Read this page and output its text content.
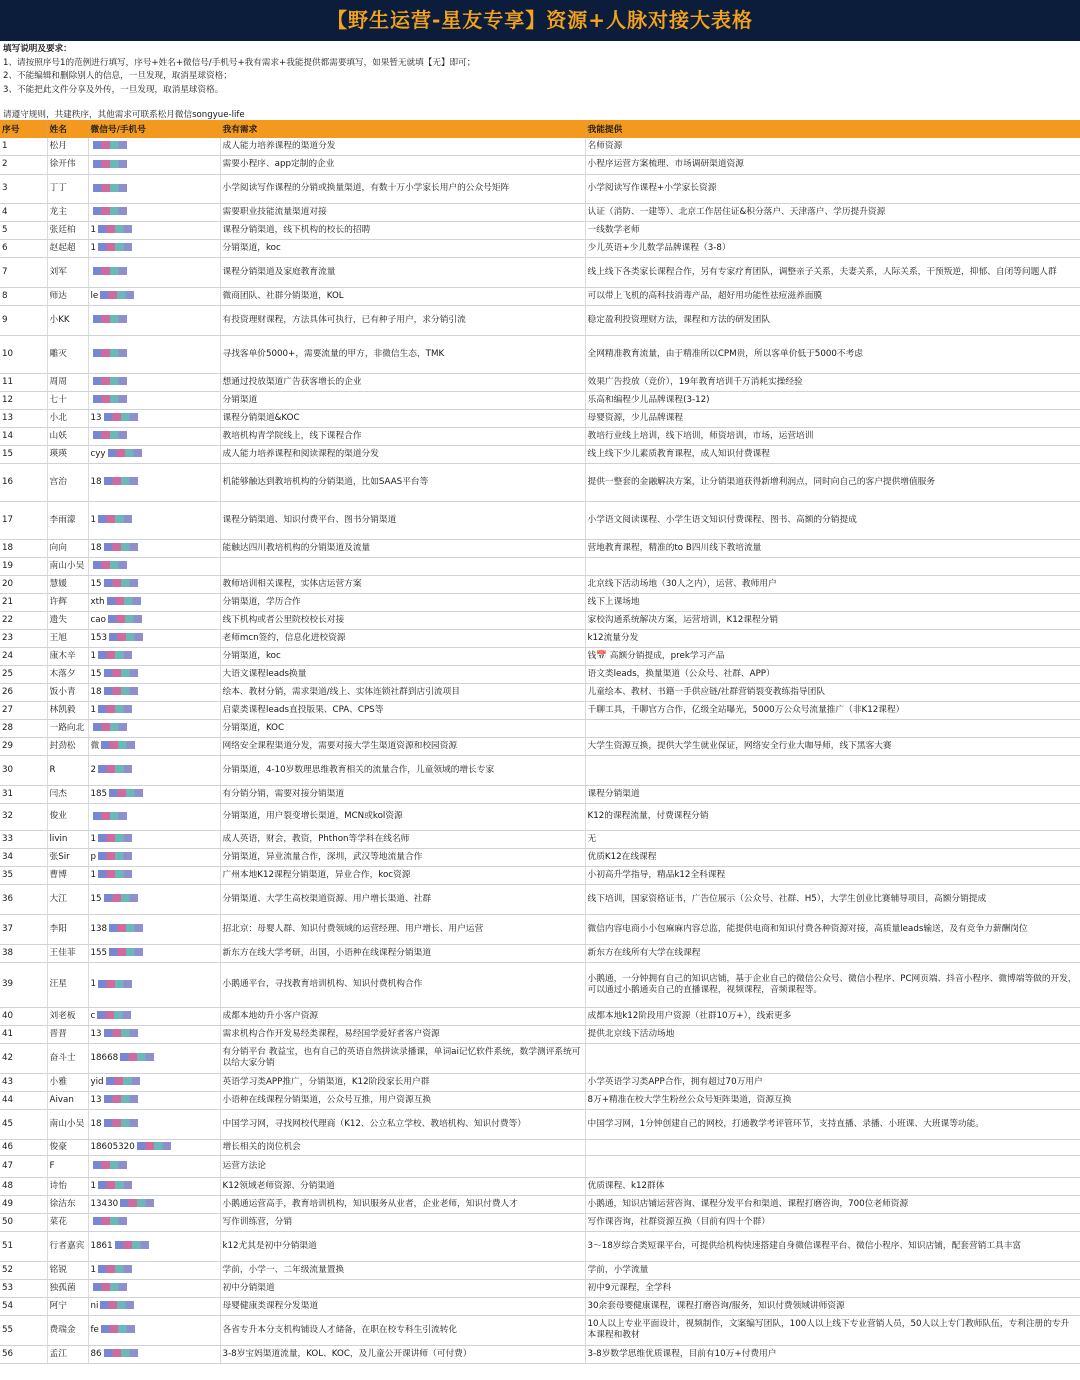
【野生运营-星友专享】资源+人脉对接大表格
填写说明及要求：
1、请按照序号1的范例进行填写，序号+姓名+微信号/手机号+我有需求+我能提供都需要填写，如果暂无就填【无】即可；
2、不能编辑和删除别人的信息，一旦发现，取消星球资格；
3、不能把此文件分享及外传，一旦发现，取消星球资格。
请遵守规则，共建秩序，其他需求可联系松月微信songyue-life
序号	姓名	微信号/手机号	我有需求	我能提供
1	松月		成人能力培养课程的渠道分发	名师资源
2	徐开伟		需要小程序、app定制的企业	小程序运营方案梳理、市场调研渠道资源
3	丁丁		小学阅读写作课程的分销或换量渠道，有数十万小学家长用户的公众号矩阵	小学阅读写作课程+小学家长资源
4	龙主		需要职业技能流量渠道对接	认证（消防、一建等）、北京工作居住证&积分落户、天津落户、学历提升资源
5	张廷柏	1	课程分销渠道，线下机构的校长的招聘	一线数学老师
6	赵起超	1	分销渠道，koc	少儿英语+少儿数学品牌课程（3-8）
7	刘军		课程分销渠道及家庭教育流量	线上线下各类家长课程合作，另有专家疗育团队，调整亲子关系，夫妻关系，人际关系，干预叛逆，抑郁、自闭等问题人群
8	师达	le	微商团队、社群分销渠道，KOL	可以带上飞机的高科技消毒产品，超好用功能性祛痘滋养面膜
9	小KK		有投资理财课程，方法具体可执行，已有种子用户，求分销引流	稳定盈利投资理财方法，课程和方法的研发团队
10	雕灭		寻找客单价5000+，需要流量的甲方，非微信生态，TMK	全网精准教育流量，由于精准所以CPM贵，所以客单价低于5000不考虑
11	周周		想通过投放渠道广告获客增长的企业	效果广告投放（竞价），19年教育培训千万消耗实操经验
12	七十		分销渠道	乐高和编程少儿品牌课程(3-12)
13	小北	13	课程分销渠道&KOC	母婴资源，少儿品牌课程
14	山妖		教培机构青学院线上，线下课程合作	教培行业线上培训，线下培训，师资培训，市场，运营培训
15	瑛瑛	cyy	成人能力培养课程和阅读课程的渠道分发	线上线下少儿素质教育课程，成人知识付费课程
16	宫治	18	机能够触达到教培机构的分销渠道，比如SAAS平台等	提供一整套的金融解决方案，让分销渠道获得新增利润点，同时向自己的客户提供增值服务
17	李雨濛	1	课程分销渠道、知识付费平台、图书分销渠道	小学语文阅读课程、小学生语文知识付费课程、图书、高额的分销提成
18	向向	18	能触达四川教培机构的分销渠道及流量	营地教育课程，精准的to B四川线下教培流量
19	南山小吴			
20	慧媛	15	教师培训相关课程，实体店运营方案	北京线下活动场地（30人之内），运营、教师用户
21	许辉	xth	分销渠道，学历合作	线下上课场地
22	遗失	cao	线下机构或者公里院校校长对接	家校沟通系统解决方案，运营培训，K12课程分销
23	王旭	153	老师mcn签约，信息化进校资源	k12流量分发
24	康木辛	1	分销渠道，koc	钱📅 高额分销提成，prek学习产品
25	木落夕	15	大语文课程leads换量	语文类leads，换量渠道（公众号、社群、APP）
26	饭小青	18	绘本、教材分销，需求渠道/线上、实体连锁社群到店引流项目	儿童绘本、教材、书籍一手供应链/社群营销裂变教练指导团队
27	林凯毅	1	启蒙类课程leads直投版果、CPA、CPS等	千聊工具，千聊官方合作，亿级全站曝光，5000万公众号流量推广（非K12课程）
28	一路向北		分销渠道，KOC	
29	封劲松	微	网络安全课程渠道分发，需要对接大学生渠道资源和校园资源	大学生资源互换，提供大学生就业保证，网络安全行业大咖导师，线下黑客大赛
30	R	2	分销渠道，4-10岁数理思维教育相关的流量合作，儿童领域的增长专家	
31	闫杰	185	有分销分销，需要对接分销渠道	课程分销渠道
32	俊业		分销渠道，用户裂变增长渠道，MCN或kol资源	K12的课程流量，付费课程分销
33	livin	1	成人英语，财会，教资，Phthon等学科在线名师	无
34	张Sir	p	分销渠道，异业流量合作，深圳，武汉等地流量合作	优质K12在线课程
35	曹博	1	广州本地K12课程分销渠道，异业合作，koc资源	小初高升学指导，精品k12全科课程
36	大江	15	分销渠道、大学生高校渠道资源、用户增长渠道、社群	线下培训，国家资格证书，广告位展示（公众号、社群、H5），大学生创业比赛辅导项目，高额分销提成
37	李阳	138	招北京：母婴人群、知识付费领域的运营经理、用户增长、用户运营	微信内容电商小小包麻麻内容总监，能提供电商和知识付费各种资源对接，高质量leads输送，及有竞争力薪酬岗位
38	王佳菲	155	新东方在线大学考研，出国，小语种在线课程分销渠道	新东方在线所有大学在线课程
39	汪星	1	小鹅通平台，寻找教育培训机构、知识付费机构合作	小鹅通，一分钟拥有自己的知识店铺，基于企业自己的微信公众号、微信小程序、PC网页端、抖音小程序、微博端等做的开发，可以通过小鹅通卖自己的直播课程，视频课程，音频课程等。
40	刘老板	c	成都本地幼升小客户资源	成都本地k12阶段用户资源（社群10万+），线索更多
41	晋晋	13	需求机构合作开发易经类课程，易经国学爱好者客户资源	提供北京线下活动场地
42	奋斗士	18668	有分销平台 教益宝，也有自己的英语自然拼读录播课，单词ai记忆软件系统，数学测评系统可以给大家分销	
43	小雅	yid	英语学习类APP推广，分销渠道，K12阶段家长用户群	小学英语学习类APP合作，拥有超过70万用户
44	Aivan	13	小语种在线课程分销渠道，公众号互推，用户资源互换	8万+精准在校大学生粉丝公众号矩阵渠道，资源互换
45	南山小吴	18	中国学习网，寻找网校代理商（K12、公立私立学校、教培机构、知识付费等）	中国学习网，1分钟创建自己的网校，打通教学考评管环节，支持直播、录播、小班课、大班课等功能。
46	俊豪	18605320	增长相关的岗位机会	
47	F		运营方法论	
48	诗怡	1	K12领域老师资源、分销渠道	优质课程、k12群体
49	徐洁东	13430	小鹅通运营高手，教育培训机构，知识服务从业者，企业老师，知识付费人才	小鹅通，知识店铺运营咨询、课程分发平台和渠道、课程打磨咨询，700位老师资源
50	菜花		写作训练营，分销	写作课咨询，社群资源互换（目前有四十个群）
51	行者嘉宾	1861	k12尤其是初中分销渠道	3～18岁综合类短课平台，可提供给机构快速搭建自身微信课程平台、微信小程序、知识店铺，配套营销工具丰富
52	铭锐	1	学前，小学一、二年级流量置换	学前，小学流量
53	独孤菌		初中分销渠道	初中9元课程，全学科
54	阿宁	ni	母婴健康类课程分发渠道	30余套母婴健康课程，课程打磨咨询/服务，知识付费领域讲师资源
55	费瑞金	fe	各省专升本分支机构铺设人才储备，在职在校专科生引流转化	10人以上专业平面设计，视频制作，文案编写团队，100人以上线下专业营销人员，50人以上专门教师队伍，专利注册的专升本课程和教材
56	孟江	86	3-8岁宝妈渠道流量，KOL、KOC，及儿童公开课讲师（可付费）	3-8岁数学思维优质课程，目前有10万+付费用户
